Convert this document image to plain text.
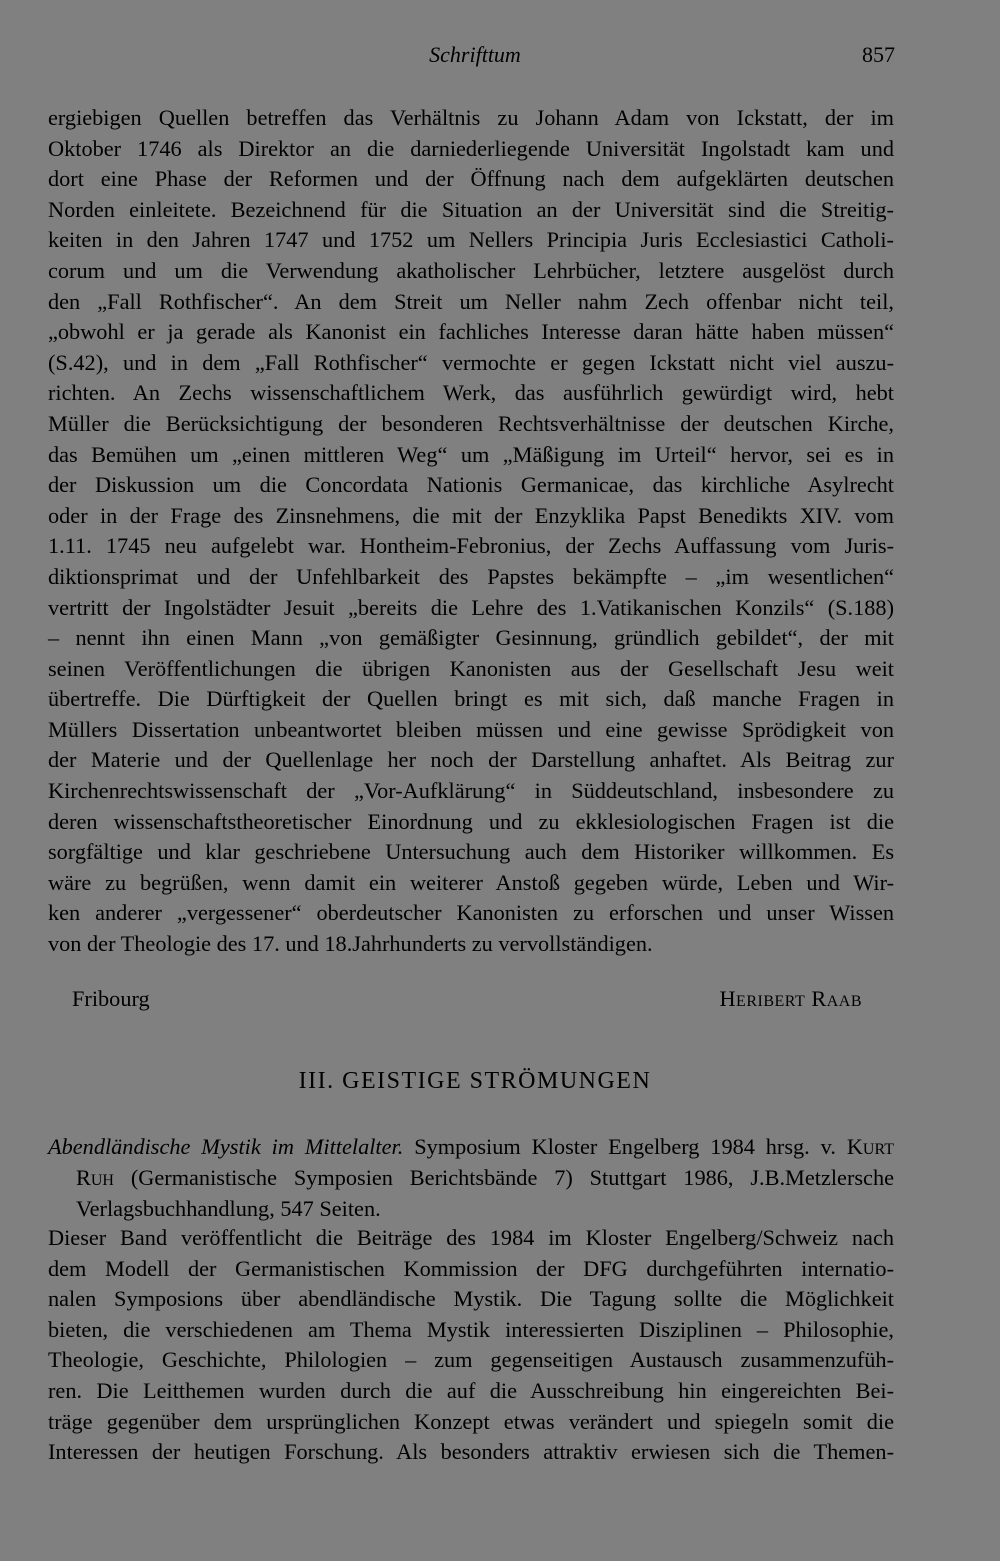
Schrifttum	857
ergiebigen Quellen betreffen das Verhältnis zu Johann Adam von Ickstatt, der im
Oktober 1746 als Direktor an die darniederliegende Universität Ingolstadt kam und
dort eine Phase der Reformen und der Öffnung nach dem aufgeklärten deutschen
Norden einleitete. Bezeichnend für die Situation an der Universität sind die Streitig-
keiten in den Jahren 1747 und 1752 um Nellers Principia Juris Ecclesiastici Catholi-
corum und um die Verwendung akatholischer Lehrbücher, letztere ausgelöst durch
den „Fall Rothfischer“. An dem Streit um Neller nahm Zech offenbar nicht teil,
„obwohl er ja gerade als Kanonist ein fachliches Interesse daran hätte haben müssen“
(S.42), und in dem „Fall Rothfischer“ vermochte er gegen Ickstatt nicht viel auszu-
richten. An Zechs wissenschaftlichem Werk, das ausführlich gewürdigt wird, hebt
Müller die Berücksichtigung der besonderen Rechtsverhältnisse der deutschen Kirche,
das Bemühen um „einen mittleren Weg“ um „Mäßigung im Urteil“ hervor, sei es in
der Diskussion um die Concordata Nationis Germanicae, das kirchliche Asylrecht
oder in der Frage des Zinsnehmens, die mit der Enzyklika Papst Benedikts XIV. vom
1.11. 1745 neu aufgelebt war. Hontheim-Febronius, der Zechs Auffassung vom Juris-
diktionsprimat und der Unfehlbarkeit des Papstes bekämpfte – „im wesentlichen“
vertritt der Ingolstädter Jesuit „bereits die Lehre des 1.Vatikanischen Konzils“ (S.188)
– nennt ihn einen Mann „von gemäßigter Gesinnung, gründlich gebildet“, der mit
seinen Veröffentlichungen die übrigen Kanonisten aus der Gesellschaft Jesu weit
übertreffe. Die Dürftigkeit der Quellen bringt es mit sich, daß manche Fragen in
Müllers Dissertation unbeantwortet bleiben müssen und eine gewisse Sprödigkeit von
der Materie und der Quellenlage her noch der Darstellung anhaftet. Als Beitrag zur
Kirchenrechtswissenschaft der „Vor-Aufklärung“ in Süddeutschland, insbesondere zu
deren wissenschaftstheoretischer Einordnung und zu ekklesiologischen Fragen ist die
sorgfältige und klar geschriebene Untersuchung auch dem Historiker willkommen. Es
wäre zu begrüßen, wenn damit ein weiterer Anstoß gegeben würde, Leben und Wir-
ken anderer „vergessener“ oberdeutscher Kanonisten zu erforschen und unser Wissen
von der Theologie des 17. und 18.Jahrhunderts zu vervollständigen.
Fribourg	Heribert Raab
III. GEISTIGE STRÖMUNGEN
Abendländische Mystik im Mittelalter. Symposium Kloster Engelberg 1984 hrsg. v. Kurt
Ruh (Germanistische Symposien Berichtsbände 7) Stuttgart 1986, J.B.Metzlersche
Verlagsbuchhandlung, 547 Seiten.
Dieser Band veröffentlicht die Beiträge des 1984 im Kloster Engelberg/Schweiz nach
dem Modell der Germanistischen Kommission der DFG durchgeführten internatio-
nalen Symposions über abendländische Mystik. Die Tagung sollte die Möglichkeit
bieten, die verschiedenen am Thema Mystik interessierten Disziplinen – Philosophie,
Theologie, Geschichte, Philologien – zum gegenseitigen Austausch zusammenzufüh-
ren. Die Leitthemen wurden durch die auf die Ausschreibung hin eingereichten Bei-
träge gegenüber dem ursprünglichen Konzept etwas verändert und spiegeln somit die
Interessen der heutigen Forschung. Als besonders attraktiv erwiesen sich die Themen-
